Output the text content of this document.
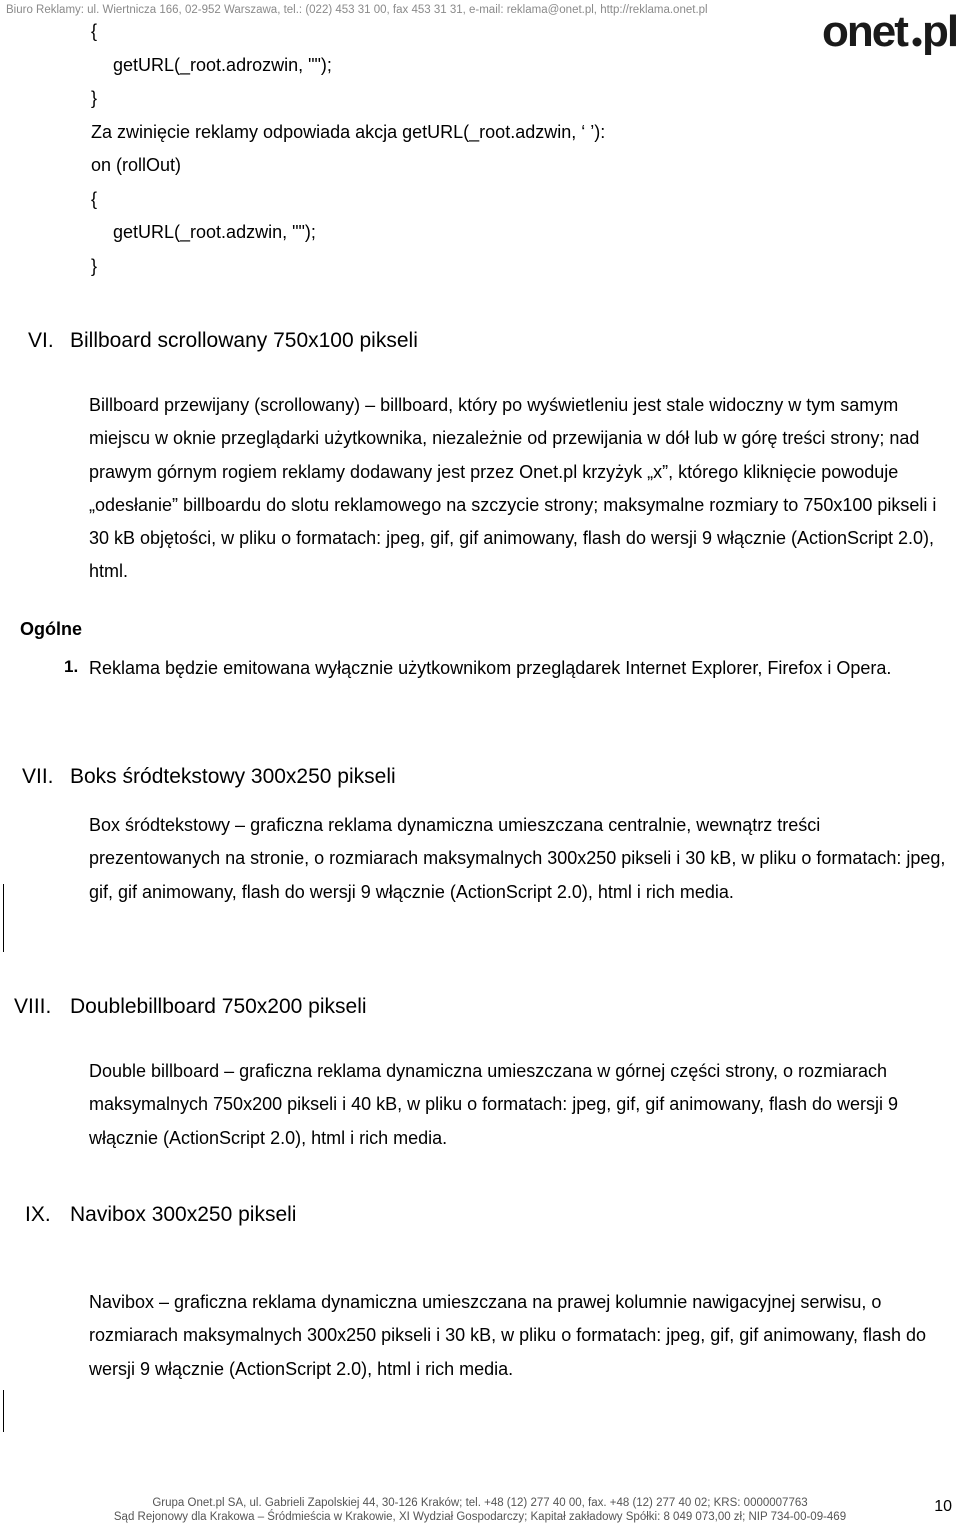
Biuro Reklamy: ul. Wiertnicza 166, 02-952 Warszawa, tel.: (022) 453 31 00, fax 453 31 31, e-mail: reklama@onet.pl, http://reklama.onet.pl	onet pl
{
getURL(_root.adrozwin, "");
}
Za zwinięcie reklamy odpowiada akcja getURL(_root.adzwin, ‘ ’):
on (rollOut)
{
getURL(_root.adzwin, "");
}
VI. Billboard scrollowany 750x100 pikseli

Billboard przewijany (scrollowany) – billboard, który po wyświetleniu jest stale widoczny w tym samym miejscu w oknie przeglądarki użytkownika, niezależnie od przewijania w dół lub w górę treści strony; nad prawym górnym rogiem reklamy dodawany jest przez Onet.pl krzyżyk „x”, którego kliknięcie powoduje „odesłanie” billboardu do slotu reklamowego na szczycie strony; maksymalne rozmiary to 750x100 pikseli i 30 kB objętości, w pliku o formatach: jpeg, gif, gif animowany, flash do wersji 9 włącznie (ActionScript 2.0), html.

Ogólne
1. Reklama będzie emitowana wyłącznie użytkownikom przeglądarek Internet Explorer, Firefox i Opera.

VII. Boks śródtekstowy 300x250 pikseli

Box śródtekstowy – graficzna reklama dynamiczna umieszczana centralnie, wewnątrz treści prezentowanych na stronie, o rozmiarach maksymalnych 300x250 pikseli i 30 kB, w pliku o formatach: jpeg, gif, gif animowany, flash do wersji 9 włącznie (ActionScript 2.0), html i rich media.

VIII. Doublebillboard 750x200 pikseli

Double billboard – graficzna reklama dynamiczna umieszczana w górnej części strony, o rozmiarach maksymalnych 750x200 pikseli i 40 kB, w pliku o formatach: jpeg, gif, gif animowany, flash do wersji 9 włącznie (ActionScript 2.0), html i rich media.

IX. Navibox 300x250 pikseli

Navibox – graficzna reklama dynamiczna umieszczana na prawej kolumnie nawigacyjnej serwisu, o rozmiarach maksymalnych 300x250 pikseli i 30 kB, w pliku o formatach: jpeg, gif, gif animowany, flash do wersji 9 włącznie (ActionScript 2.0), html i rich media.

Grupa Onet.pl SA, ul. Gabrieli Zapolskiej 44, 30-126 Kraków; tel. +48 (12) 277 40 00, fax. +48 (12) 277 40 02; KRS: 0000007763
Sąd Rejonowy dla Krakowa – Śródmieścia w Krakowie, XI Wydział Gospodarczy; Kapitał zakładowy Spółki: 8 049 073,00 zł; NIP 734-00-09-469
10
